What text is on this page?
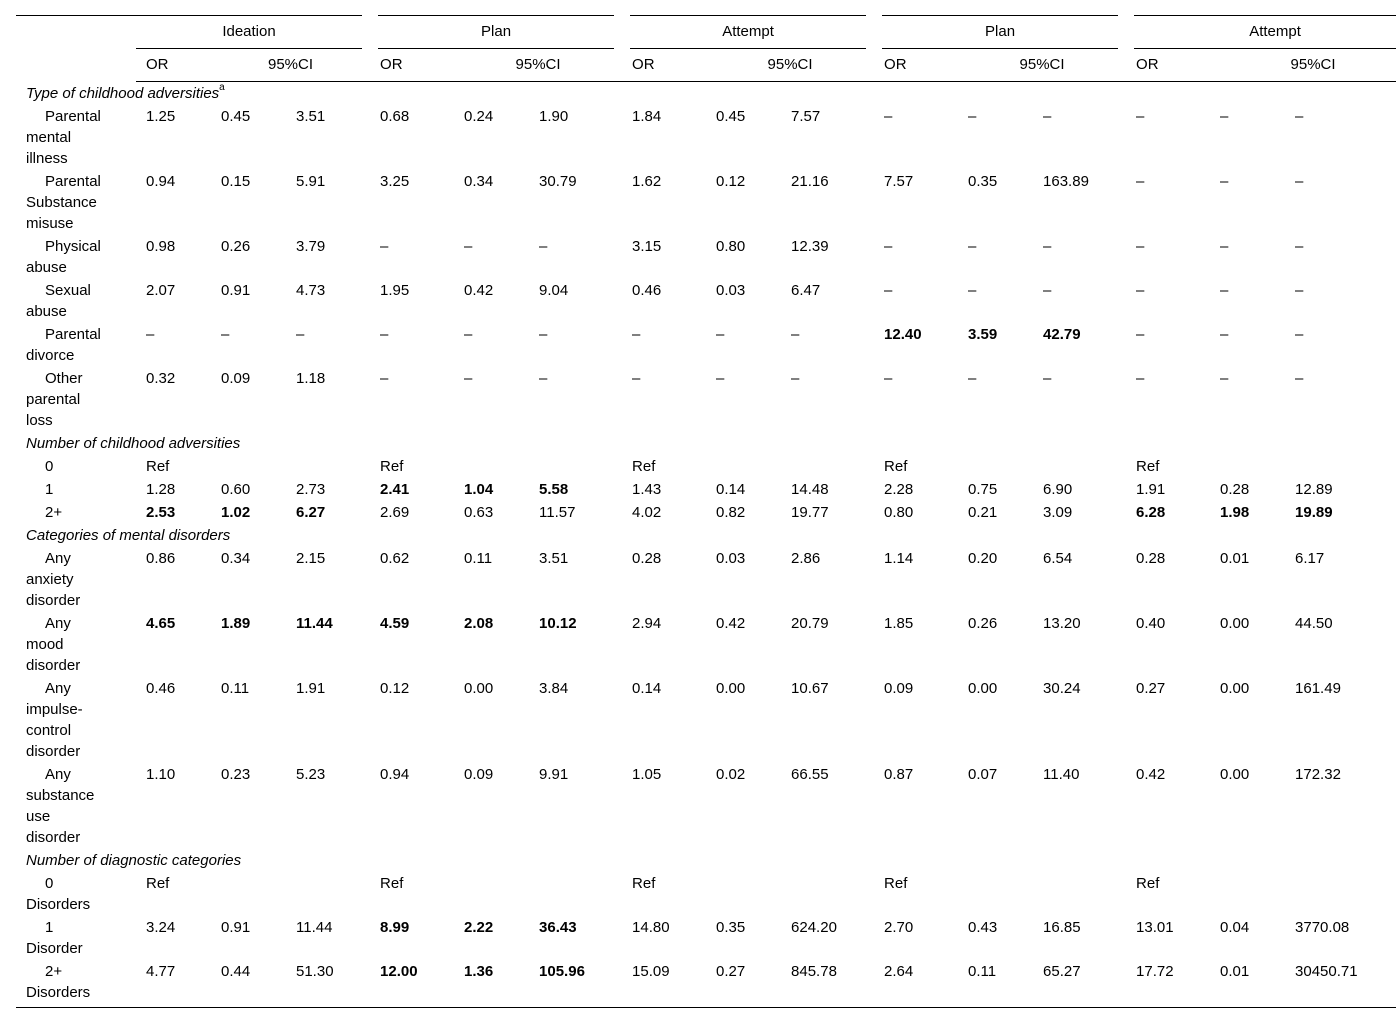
	Ideation			Plan			Attempt			Plan			Attempt		
	OR	95%CI		OR	95%CI		OR	95%CI		OR	95%CI		OR	95%CI	
Type of childhood adversities$^a$

Parental
mental
illness	1.25	0.45	3.51	0.68	0.24	1.90	1.84	0.45	7.57	–	–	–	–	–	–

Parental
Substance
misuse	0.94	0.15	5.91	3.25	0.34	30.79	1.62	0.12	21.16	7.57	0.35	163.89	–	–	–

Physical
abuse	0.98	0.26	3.79	–	–	–	3.15	0.80	12.39	–	–	–	–	–	–

Sexual
abuse	2.07	0.91	4.73	1.95	0.42	9.04	0.46	0.03	6.47	–	–	–	–	–	–

Parental
divorce	–	–	–	–	–	–	–	–	–	12.40	3.59	42.79	–	–	–

Other
parental
loss	0.32	0.09	1.18	–	–	–	–	–	–	–	–	–	–	–	–
Number of childhood adversities															

0	Ref			Ref			Ref			Ref			Ref		

1	1.28	0.60	2.73	2.41	1.04	5.58	1.43	0.14	14.48	2.28	0.75	6.90	1.91	0.28	12.89

2+	2.53	1.02	6.27	2.69	0.63	11.57	4.02	0.82	19.77	0.80	0.21	3.09	6.28	1.98	19.89
Categories of mental disorders															

Any
anxiety
disorder	0.86	0.34	2.15	0.62	0.11	3.51	0.28	0.03	2.86	1.14	0.20	6.54	0.28	0.01	6.17

Any
mood
disorder	4.65	1.89	11.44	4.59	2.08	10.12	2.94	0.42	20.79	1.85	0.26	13.20	0.40	0.00	44.50

Any
impulse-
control
disorder	0.46	0.11	1.91	0.12	0.00	3.84	0.14	0.00	10.67	0.09	0.00	30.24	0.27	0.00	161.49

Any
substance
use
disorder	1.10	0.23	5.23	0.94	0.09	9.91	1.05	0.02	66.55	0.87	0.07	11.40	0.42	0.00	172.32
Number of diagnostic categories															

0
Disorders	Ref			Ref			Ref			Ref			Ref		

1
Disorder	3.24	0.91	11.44	8.99	2.22	36.43	14.80	0.35	624.20	2.70	0.43	16.85	13.01	0.04	3770.08

2+
Disorders	4.77	0.44	51.30	12.00	1.36	105.96	15.09	0.27	845.78	2.64	0.11	65.27	17.72	0.01	30450.71
